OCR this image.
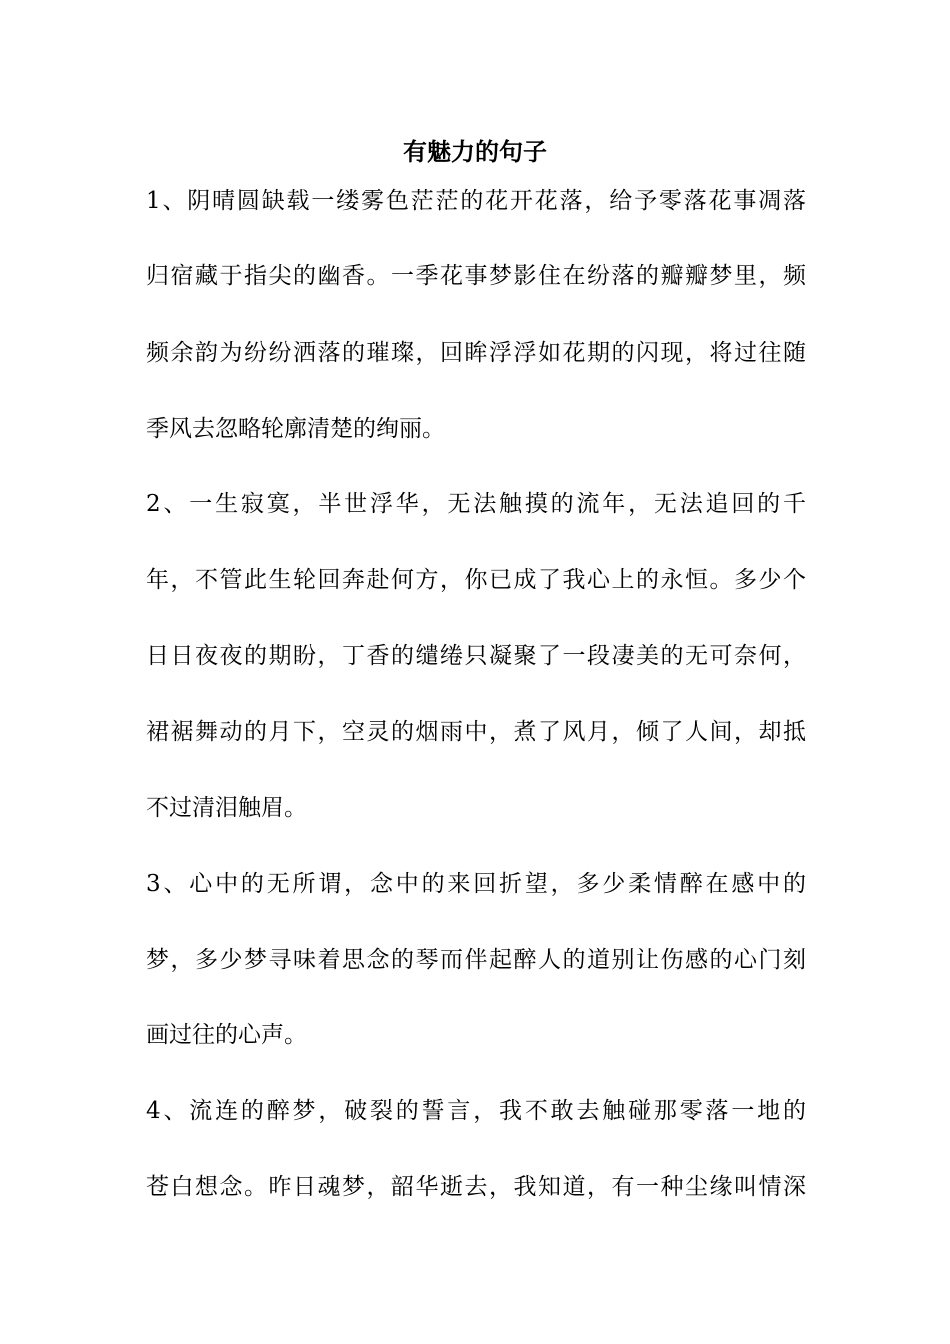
有魅力的句子
1、阴晴圆缺载一缕雾色茫茫的花开花落，给予零落花事凋落
归宿藏于指尖的幽香。一季花事梦影住在纷落的瓣瓣梦里，频
频余韵为纷纷洒落的璀璨，回眸浮浮如花期的闪现，将过往随
季风去忽略轮廓清楚的绚丽。
2、一生寂寞，半世浮华，无法触摸的流年，无法追回的千
年，不管此生轮回奔赴何方，你已成了我心上的永恒。多少个
日日夜夜的期盼，丁香的缱绻只凝聚了一段凄美的无可奈何，
裙裾舞动的月下，空灵的烟雨中，煮了风月，倾了人间，却抵
不过清泪触眉。
3、心中的无所谓，念中的来回折望，多少柔情醉在感中的
梦，多少梦寻味着思念的琴而伴起醉人的道别让伤感的心门刻
画过往的心声。
4、流连的醉梦，破裂的誓言，我不敢去触碰那零落一地的
苍白想念。昨日魂梦，韶华逝去，我知道，有一种尘缘叫情深
